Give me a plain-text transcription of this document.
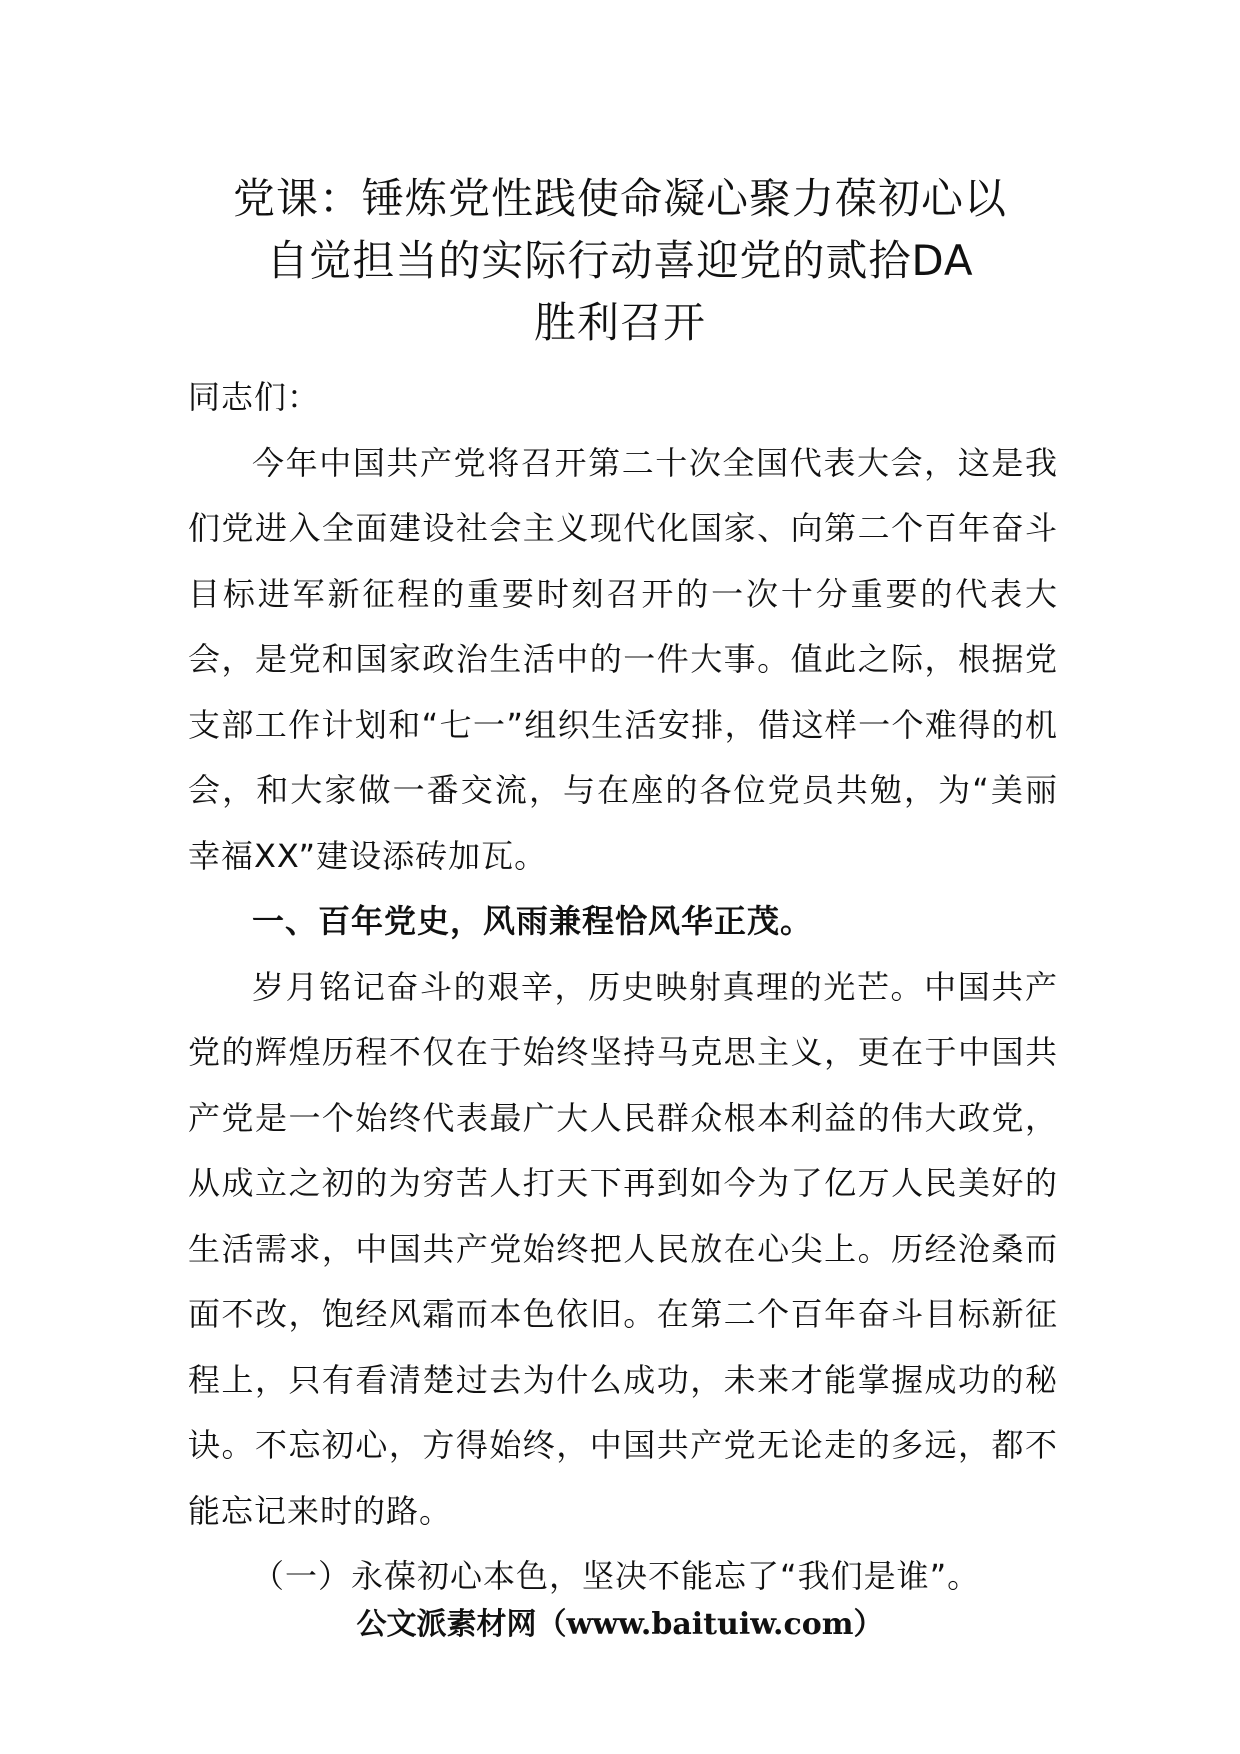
党课：锤炼党性践使命凝心聚力葆初心以
自觉担当的实际行动喜迎党的贰拾DA
胜利召开

同志们：

今年中国共产党将召开第二十次全国代表大会，这是我们党进入全面建设社会主义现代化国家、向第二个百年奋斗目标进军新征程的重要时刻召开的一次十分重要的代表大会，是党和国家政治生活中的一件大事。值此之际，根据党支部工作计划和“七一”组织生活安排，借这样一个难得的机会，和大家做一番交流，与在座的各位党员共勉，为“美丽幸福XX”建设添砖加瓦。

一、百年党史，风雨兼程恰风华正茂。

岁月铭记奋斗的艰辛，历史映射真理的光芒。中国共产党的辉煌历程不仅在于始终坚持马克思主义，更在于中国共产党是一个始终代表最广大人民群众根本利益的伟大政党，从成立之初的为穷苦人打天下再到如今为了亿万人民美好的生活需求，中国共产党始终把人民放在心尖上。历经沧桑而面不改，饱经风霜而本色依旧。在第二个百年奋斗目标新征程上，只有看清楚过去为什么成功，未来才能掌握成功的秘诀。不忘初心，方得始终，中国共产党无论走的多远，都不能忘记来时的路。

（一）永葆初心本色，坚决不能忘了“我们是谁”。

公文派素材网（www.baituiw.com）
